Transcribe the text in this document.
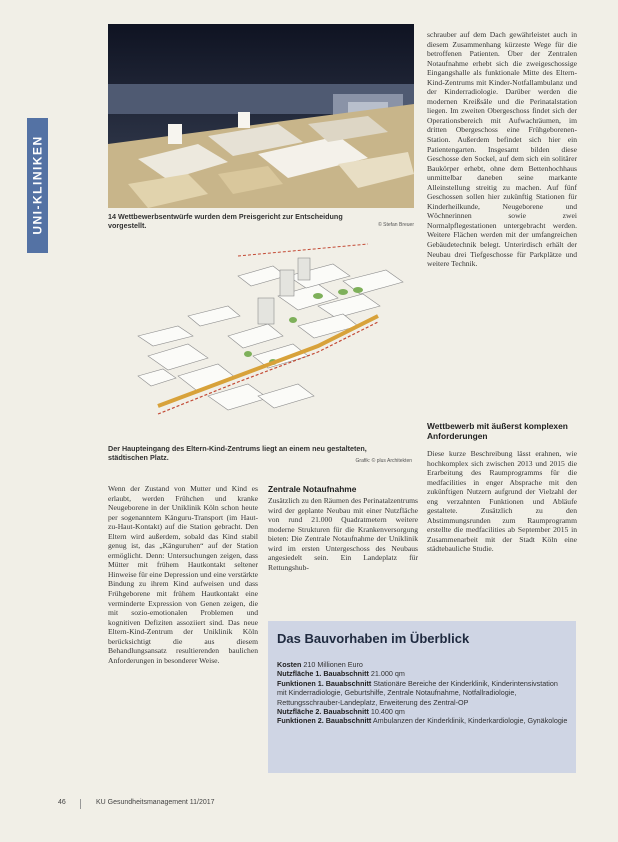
UNI-KLINIKEN	14 Wettbewerbsentwürfe wurden dem Preisgericht zur Entscheidung vorgestellt.	© Stefan Breuer
Der Haupteingang des Eltern-Kind-Zentrums liegt an einem neu gestalteten, städtischen Platz.	Grafik: © plus Architekten
schrauber auf dem Dach gewährleistet auch in diesem Zusammenhang kürzeste Wege für die betroffenen Patienten. Über der Zentralen Notaufnahme erhebt sich die zweigeschossige Eingangshalle als funktionale Mitte des Eltern-Kind-Zentrums mit Kinder-Notfallambulanz und der Kinderradiologie. Darüber werden die modernen Kreißsäle und die Perinatalstation liegen. Im zweiten Obergeschoss findet sich der Operationsbereich mit Aufwachräumen, im dritten Obergeschoss eine Frühgeborenen-Station. Außerdem befindet sich hier ein Patientengarten. Insgesamt bilden diese Geschosse den Sockel, auf dem sich ein solitärer Baukörper erhebt, ohne dem Bettenhochhaus unmittelbar daneben seine markante Alleinstellung streitig zu machen. Auf fünf Geschossen sollen hier zukünftig Stationen für Kinderheilkunde, Neugeborene und Wöchnerinnen sowie zwei Normalpflegestationen untergebracht werden. Weitere Flächen werden mit der umfangreichen Gebäudetechnik belegt. Unterirdisch erhält der Neubau drei Tiefgeschosse für Parkplätze und weitere Technik.
Wettbewerb mit äußerst komplexen Anforderungen
Diese kurze Beschreibung lässt erahnen, wie hochkomplex sich zwischen 2013 und 2015 die Erarbeitung des Raumprogramms für die medfacilities in enger Absprache mit den zukünftigen Nutzern aufgrund der Vielzahl der eng verzahnten Funktionen und Abläufe gestaltete. Zusätzlich zu den Abstimmungsrunden zum Raumprogramm erstellte die medfacilities ab September 2015 in Zusammenarbeit mit der Stadt Köln eine städtebauliche Studie.
Wenn der Zustand von Mutter und Kind es erlaubt, werden Frühchen und kranke Neugeborene in der Uniklinik Köln schon heute per sogenanntem Känguru-Transport (im Haut-zu-Haut-Kontakt) auf die Station gebracht. Den Eltern wird außerdem, sobald das Kind stabil genug ist, das „Känguruhen“ auf der Station ermöglicht. Denn: Untersuchungen zeigen, dass Mütter mit frühem Hautkontakt seltener Hinweise für eine Depression und eine verstärkte Bindung zu ihrem Kind aufweisen und dass Frühgeborene mit frühem Hautkontakt eine verminderte Expression von Genen zeigen, die mit sozio-emotionalen Problemen und kognitiven Defiziten assoziiert sind. Das neue Eltern-Kind-Zentrum der Uniklinik Köln berücksichtigt die aus diesem Behandlungsansatz resultierenden baulichen Anforderungen in besonderer Weise.
Zentrale Notaufnahme
Zusätzlich zu den Räumen des Perinatalzentrums wird der geplante Neubau mit einer Nutzfläche von rund 21.000 Quadratmetern weitere moderne Strukturen für die Krankenversorgung bieten: Die Zentrale Notaufnahme der Uniklinik wird im ersten Untergeschoss des Neubaus angesiedelt sein. Ein Landeplatz für Rettungshub-
Das Bauvorhaben im Überblick
Kosten 210 Millionen Euro
Nutzfläche 1. Bauabschnitt 21.000 qm
Funktionen 1. Bauabschnitt Stationäre Bereiche der Kinderklinik, Kinderintensivstation mit Kinderradiologie, Geburtshilfe, Zentrale Notaufnahme, Notfallradiologie, Rettungsschrauber-Landeplatz, Erweiterung des Zentral-OP
Nutzfläche 2. Bauabschnitt 10.400 qm
Funktionen 2. Bauabschnitt Ambulanzen der Kinderklinik, Kinderkardiologie, Gynäkologie
46	KU Gesundheitsmanagement 11/2017
